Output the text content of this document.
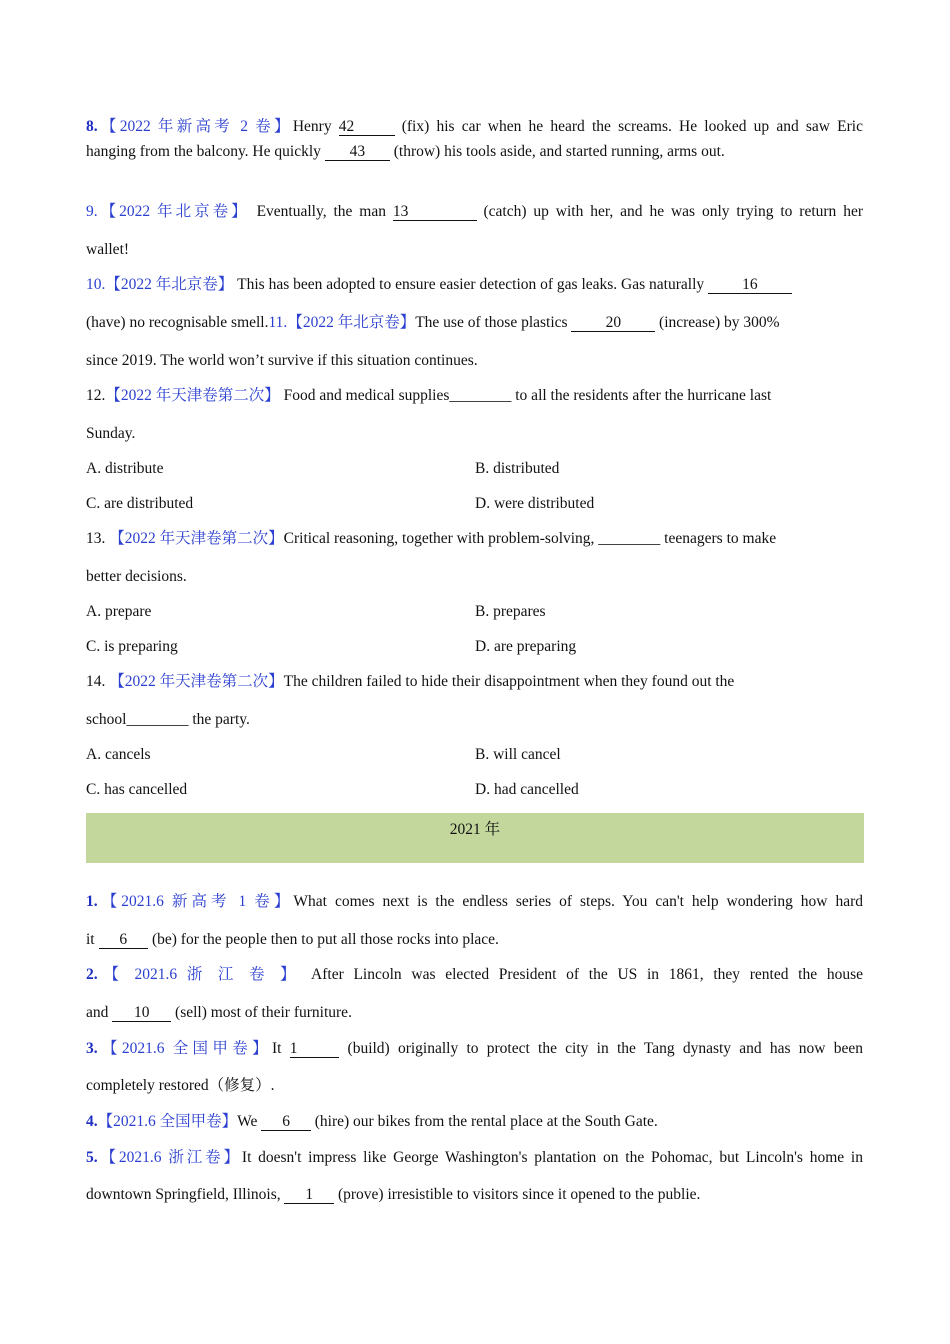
2021 年
8.【2022 年新高考 2 卷】Henry 42	(fix) his car when he heard the screams. He looked up and saw Eric
hanging from the balcony. He quickly 43 (throw) his tools aside, and started running, arms out.
9.【2022 年北京卷】 Eventually, the man 13	(catch) up with her, and he was only trying to return her
wallet!
10.【2022 年北京卷】 This has been adopted to ensure easier detection of gas leaks. Gas naturally 16
(have) no recognisable smell.11.【2022 年北京卷】The use of those plastics 20 (increase) by 300%
since 2019. The world won’t survive if this situation continues.
12.【2022 年天津卷第二次】 Food and medical supplies________ to all the residents after the hurricane last
Sunday.
A. distribute	B. distributed
C. are distributed	D. were distributed
13. 【2022 年天津卷第二次】Critical reasoning, together with problem-solving, ________ teenagers to make
better decisions.
A. prepare	B. prepares
C. is preparing	D. are preparing
14. 【2022 年天津卷第二次】The children failed to hide their disappointment when they found out the
school________ the party.
A. cancels	B. will cancel
C. has cancelled	D. had cancelled
1.【2021.6 新高考 1 卷】What comes next is the endless series of steps. You can't help wondering how hard
it 6 (be) for the people then to put all those rocks into place.
2.【 2021.6 浙 江 卷 】 After Lincoln was elected President of the US in 1861, they rented the house
and 10 (sell) most of their furniture.
3.【2021.6 全国甲卷】It 1	(build) originally to protect the city in the Tang dynasty and has now been
completely restored（修复）.
4.【2021.6 全国甲卷】We 6 (hire) our bikes from the rental place at the South Gate.
5.【2021.6 浙江卷】It doesn't impress like George Washington's plantation on the Pohomac, but Lincoln's home in
downtown Springfield, Illinois, 1 (prove) irresistible to visitors since it opened to the publie.
